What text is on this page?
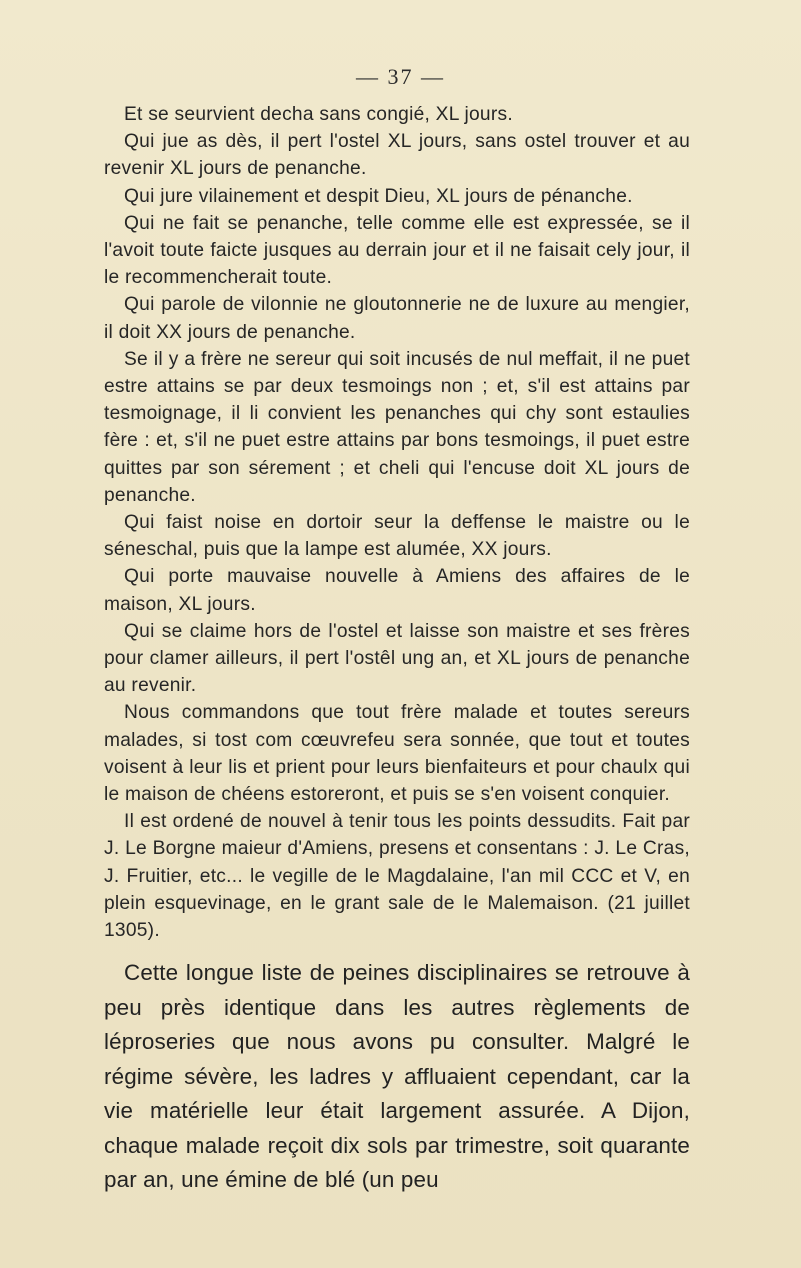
— 37 —

Et se seurvient decha sans congié, XL jours.

Qui jue as dès, il pert l'ostel XL jours, sans ostel trouver et au revenir XL jours de penanche.

Qui jure vilainement et despit Dieu, XL jours de pénanche.

Qui ne fait se penanche, telle comme elle est expressée, se il l'avoit toute faicte jusques au derrain jour et il ne faisait cely jour, il le recommencherait toute.

Qui parole de vilonnie ne gloutonnerie ne de luxure au mengier, il doit XX jours de penanche.

Se il y a frère ne sereur qui soit incusés de nul meffait, il ne puet estre attains se par deux tesmoings non ; et, s'il est attains par tesmoignage, il li convient les penanches qui chy sont estaulies fère : et, s'il ne puet estre attains par bons tesmoings, il puet estre quittes par son sérement ; et cheli qui l'encuse doit XL jours de penanche.

Qui faist noise en dortoir seur la deffense le maistre ou le séneschal, puis que la lampe est alumée, XX jours.

Qui porte mauvaise nouvelle à Amiens des affaires de le maison, XL jours.

Qui se claime hors de l'ostel et laisse son maistre et ses frères pour clamer ailleurs, il pert l'ostêl ung an, et XL jours de penanche au revenir.

Nous commandons que tout frère malade et toutes sereurs malades, si tost com cœuvrefeu sera sonnée, que tout et toutes voisent à leur lis et prient pour leurs bienfaiteurs et pour chaulx qui le maison de chéens estoreront, et puis se s'en voisent conquier.

Il est ordené de nouvel à tenir tous les points dessudits. Fait par J. Le Borgne maieur d'Amiens, presens et consentans : J. Le Cras, J. Fruitier, etc... le vegille de le Magdalaine, l'an mil CCC et V, en plein esquevinage, en le grant sale de le Malemaison. (21 juillet 1305).

Cette longue liste de peines disciplinaires se retrouve à peu près identique dans les autres règlements de léproseries que nous avons pu consulter. Malgré le régime sévère, les ladres y affluaient cependant, car la vie matérielle leur était largement assurée. A Dijon, chaque malade reçoit dix sols par trimestre, soit quarante par an, une émine de blé (un peu
